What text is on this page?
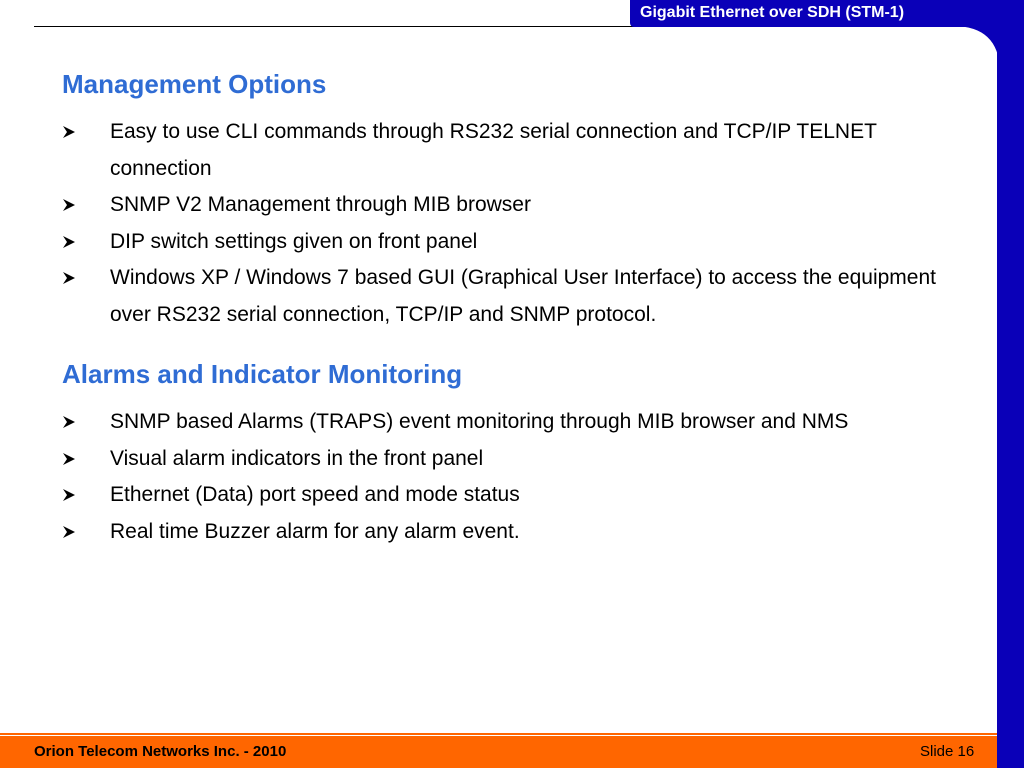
Gigabit Ethernet over SDH (STM-1)
Management Options
Easy to use CLI commands through RS232 serial connection and TCP/IP TELNET connection
SNMP V2 Management through MIB browser
DIP switch settings given on front panel
Windows XP / Windows 7 based GUI (Graphical User Interface) to access the equipment over RS232 serial connection, TCP/IP and SNMP protocol.
Alarms and Indicator Monitoring
SNMP based Alarms (TRAPS) event monitoring through MIB browser and NMS
Visual alarm indicators in the front panel
Ethernet (Data) port speed and mode status
Real time Buzzer alarm for any alarm event.
Orion Telecom Networks Inc. - 2010	Slide 16
